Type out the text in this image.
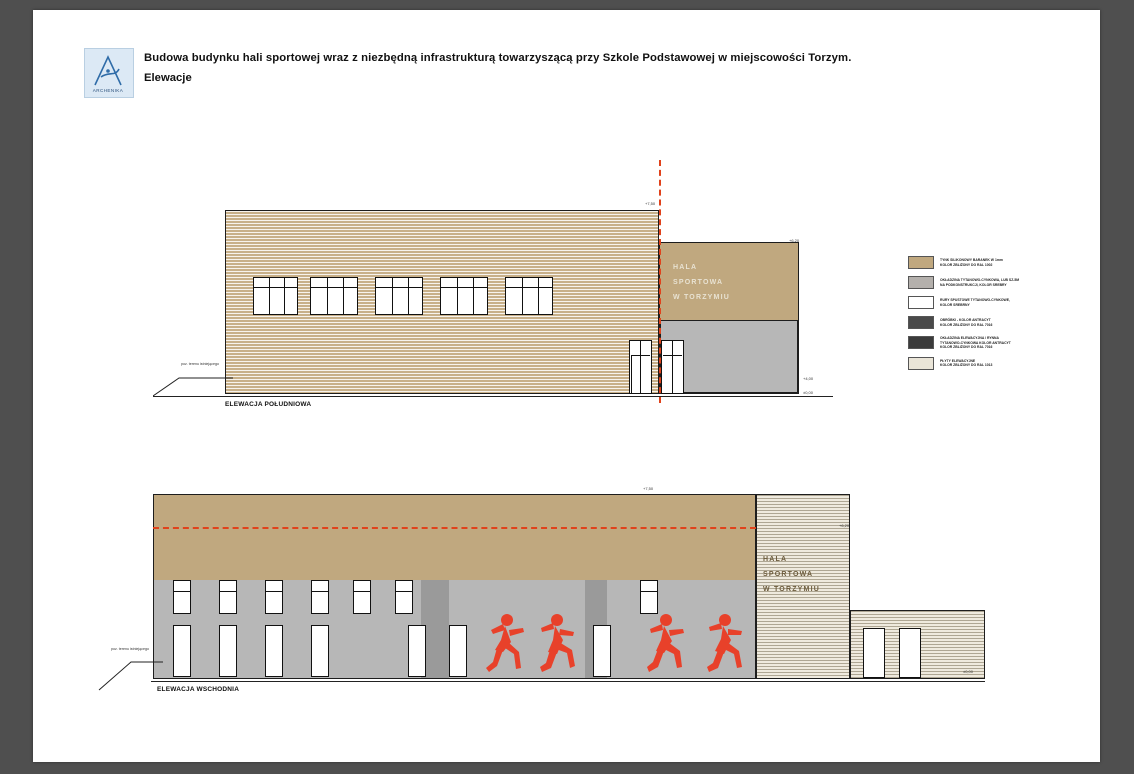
ARCHENIKA
Budowa budynku hali sportowej wraz z niezbędną infrastrukturą towarzyszącą przy Szkole Podstawowej w miejscowości Torzym.
Elewacje
HALA
SPORTOWA
W TORZYMIU
poz. terenu istniejącego
+7,50
+6,20
+4,00
±0,00
ELEWACJA POŁUDNIOWA
HALA
SPORTOWA
W TORZYMIU
poz. terenu istniejącego
+7,50
+6,20
±0,00
ELEWACJA WSCHODNIA
TYNK SILIKONOWY BARANEK W 1mm
KOLOR ZBLIŻONY DO RAL 1002
OKŁADZINA TYTANOWO-CYNKOWA, LUB SZ-5M
NA PODKONSTRUKCJI, KOLOR SREBRY
RURY SPUSTOWE TYTANOWO-CYNKOWE,
KOLOR SREBRNY
OBRÓBKI - KOLOR ANTRACYT
KOLOR ZBLIŻONY DO RAL 7016
OKŁADZINA ELEWACYJNA / RYNNA
TYTANOWO-CYNKOWA KOLOR ANTRACYT
KOLOR ZBLIŻONY DO RAL 7016
PŁYTY ELEWACYJNE
KOLOR ZBLIŻONY DO RAL 1013
